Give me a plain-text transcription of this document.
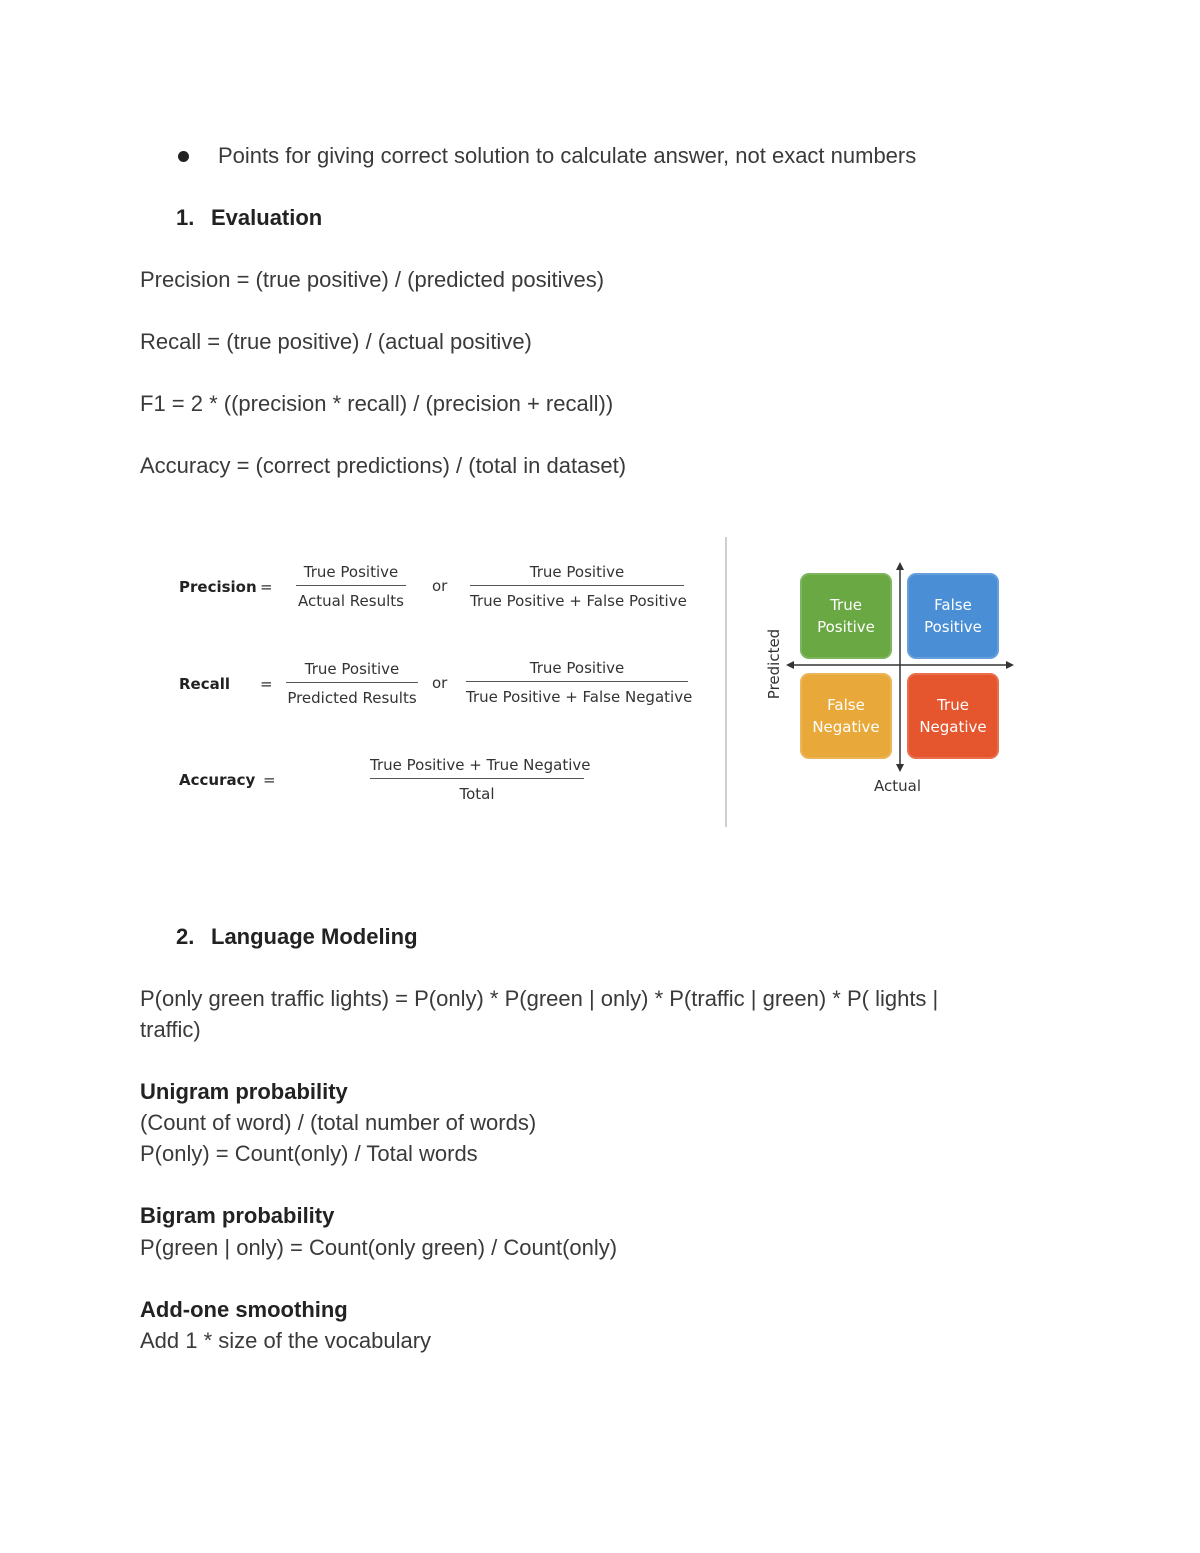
Points for giving correct solution to calculate answer, not exact numbers
1. Evaluation
Precision = (true positive) / (predicted positives)
Recall = (true positive) / (actual positive)
F1 = 2 * ((precision * recall) / (precision + recall))
Accuracy = (correct predictions) / (total in dataset)
Precision =
True Positive
Actual Results
or
True Positive
True Positive + False Positive
Recall =
True Positive
Predicted Results
or
True Positive
True Positive + False Negative
Accuracy =
True Positive + True Negative
Total
True
Positive
False
Positive
False
Negative
True
Negative
Predicted
Actual
2. Language Modeling
P(only green traffic lights) = P(only) * P(green | only) * P(traffic | green) * P( lights |
traffic)
Unigram probability
(Count of word) / (total number of words)
P(only) = Count(only) / Total words
Bigram probability
P(green | only) = Count(only green) / Count(only)
Add-one smoothing
Add 1 * size of the vocabulary
